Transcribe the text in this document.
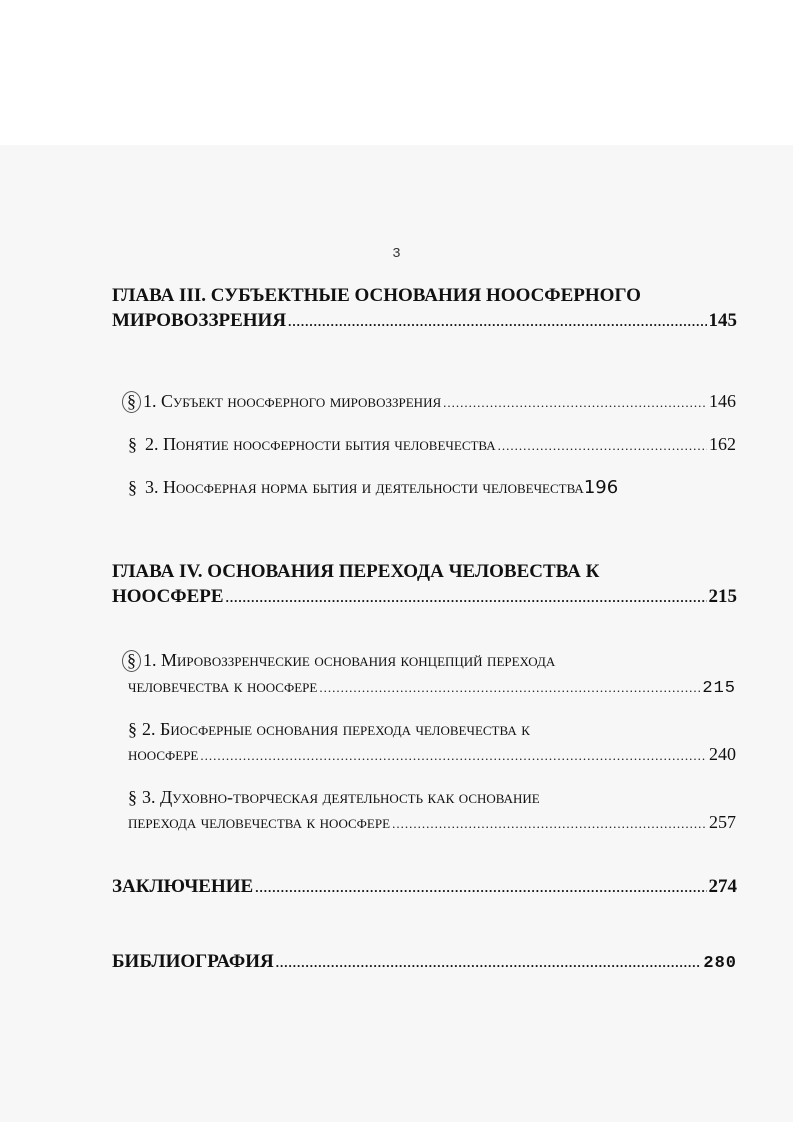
3
ГЛАВА III. СУБЪЕКТНЫЕ ОСНОВАНИЯ НООСФЕРНОГО
МИРОВОЗЗРЕНИЯ .....	145
§ 1. Субъект ноосферного мировоззрения .....	146
§ 2. Понятие ноосферности бытия человечества .....	162
§ 3. Ноосферная норма бытия и деятельности человечества 196
ГЛАВА IV. ОСНОВАНИЯ ПЕРЕХОДА ЧЕЛОВЕСТВА К
НООСФЕРЕ .....	215
§ 1. Мировоззренческие основания концепций перехода
человечества к ноосфере .....	215
§ 2. Биосферные основания перехода человечества к
ноосфере .....	240
§ 3. Духовно-творческая деятельность как основание
перехода человечества к ноосфере .....	257
ЗАКЛЮЧЕНИЕ .....	274
БИБЛИОГРАФИЯ .....	280
